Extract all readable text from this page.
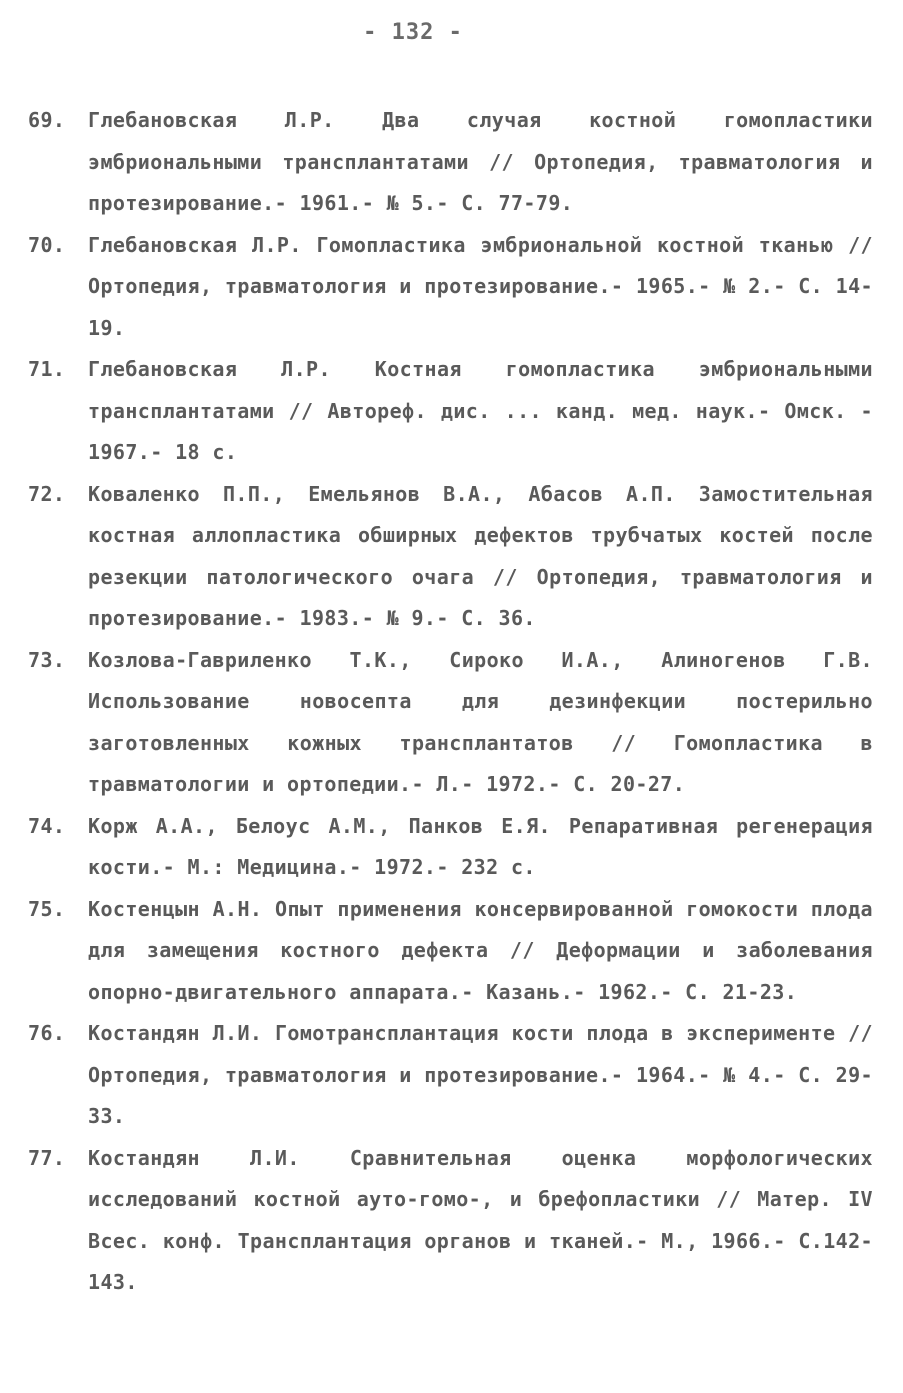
- 132 -
69.	Глебановская Л.Р. Два случая костной гомопластики эмбриональными трансплантатами // Ортопедия, травматология и протезирование.- 1961.- № 5.- С. 77-79.
70.	Глебановская Л.Р. Гомопластика эмбриональной костной тканью // Ортопедия, травматология и протезирование.- 1965.- № 2.- С. 14-19.
71.	Глебановская Л.Р. Костная гомопластика эмбриональными трансплантатами // Автореф. дис. ... канд. мед. наук.- Омск. - 1967.- 18 с.
72.	Коваленко П.П., Емельянов В.А., Абасов А.П. Замостительная костная аллопластика обширных дефектов трубчатых костей после резекции патологического очага // Ортопедия, травматология и протезирование.- 1983.- № 9.- С. 36.
73.	Козлова-Гавриленко Т.К., Сироко И.А., Алиногенов Г.В. Использование новосепта для дезинфекции постерильно заготовленных кожных трансплантатов // Гомопластика в травматологии и ортопедии.- Л.- 1972.- С. 20-27.
74.	Корж А.А., Белоус А.М., Панков Е.Я. Репаративная регенерация кости.- М.: Медицина.- 1972.- 232 с.
75.	Костенцын А.Н. Опыт применения консервированной гомокости плода для замещения костного дефекта // Деформации и заболевания опорно-двигательного аппарата.- Казань.- 1962.- С. 21-23.
76.	Костандян Л.И. Гомотрансплантация кости плода в эксперименте // Ортопедия, травматология и протезирование.- 1964.- № 4.- С. 29-33.
77.	Костандян Л.И. Сравнительная оценка морфологических исследований костной ауто-гомо-, и брефопластики // Матер. IV Всес. конф. Трансплантация органов и тканей.- М., 1966.- С.142-143.
